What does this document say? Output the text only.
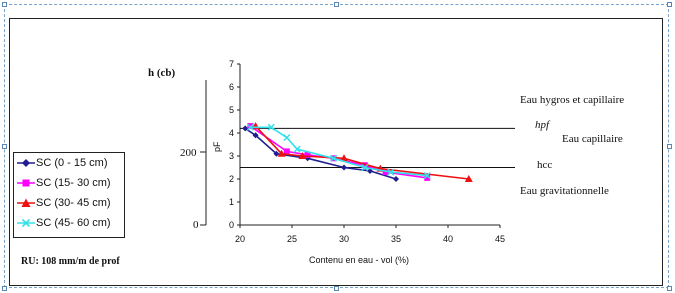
h (cb)
200
0	0
1
2
3
4
5
6
7
20	25	30	35	40	45
pF
Contenu en eau - vol (%)
Eau hygros et capillaire
hpf
Eau capillaire
hcc
Eau gravitationnelle
RU: 108 mm/m de prof
SC (0 - 15 cm)
SC (15- 30 cm)
SC (30- 45 cm)
SC (45- 60 cm)
